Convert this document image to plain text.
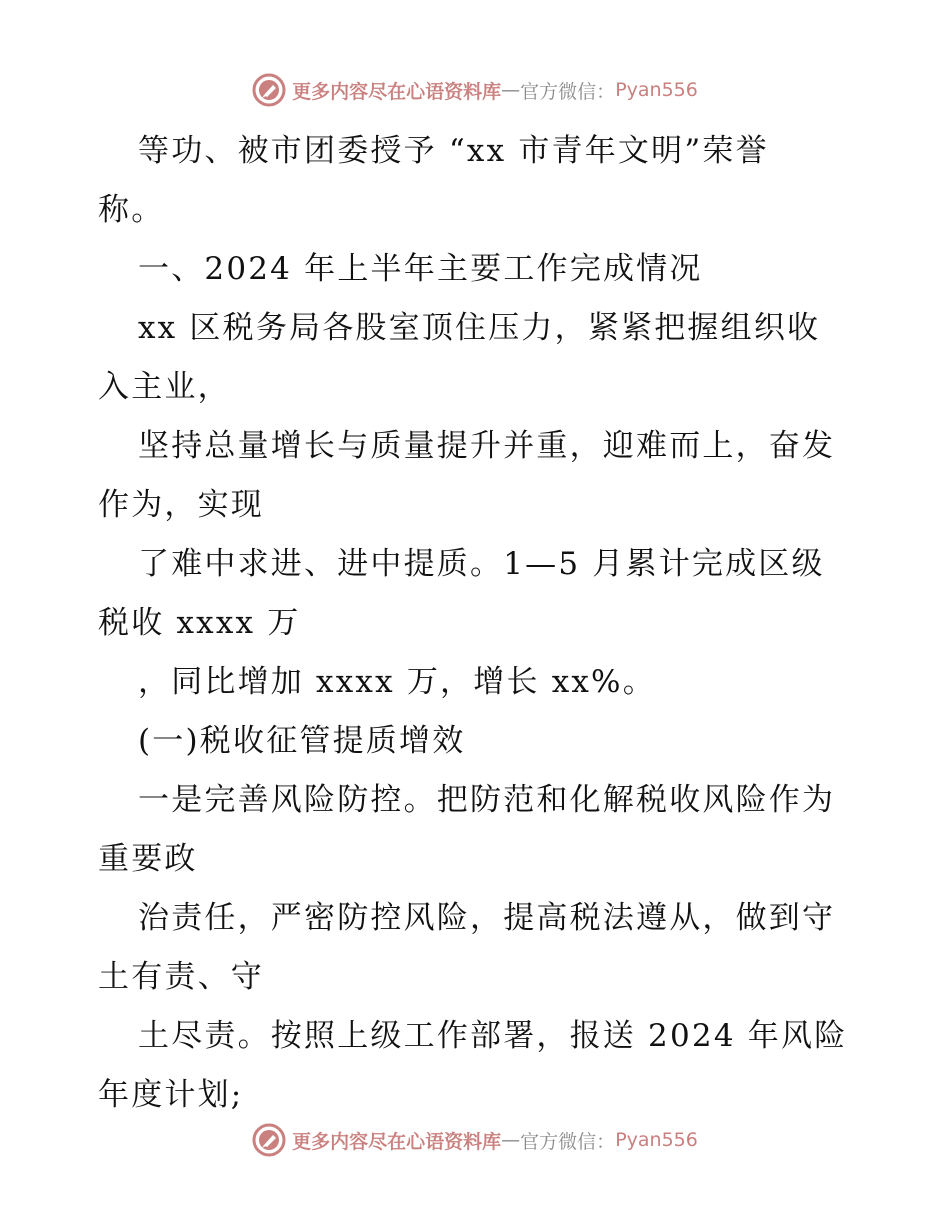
更多内容尽在心语资料库 — 官方微信： Pyan556
等功、被市团委授予 “xx 市青年文明”荣誉
称。
一、2024 年上半年主要工作完成情况
xx 区税务局各股室顶住压力，紧紧把握组织收
入主业，
坚持总量增长与质量提升并重，迎难而上，奋发
作为，实现
了难中求进、进中提质。1—5 月累计完成区级
税收 xxxx 万
，同比增加 xxxx 万，增长 xx%。
(一)税收征管提质增效
一是完善风险防控。把防范和化解税收风险作为
重要政
治责任，严密防控风险，提高税法遵从，做到守
土有责、守
土尽责。按照上级工作部署，报送 2024 年风险
年度计划;
更多内容尽在心语资料库 — 官方微信： Pyan556
